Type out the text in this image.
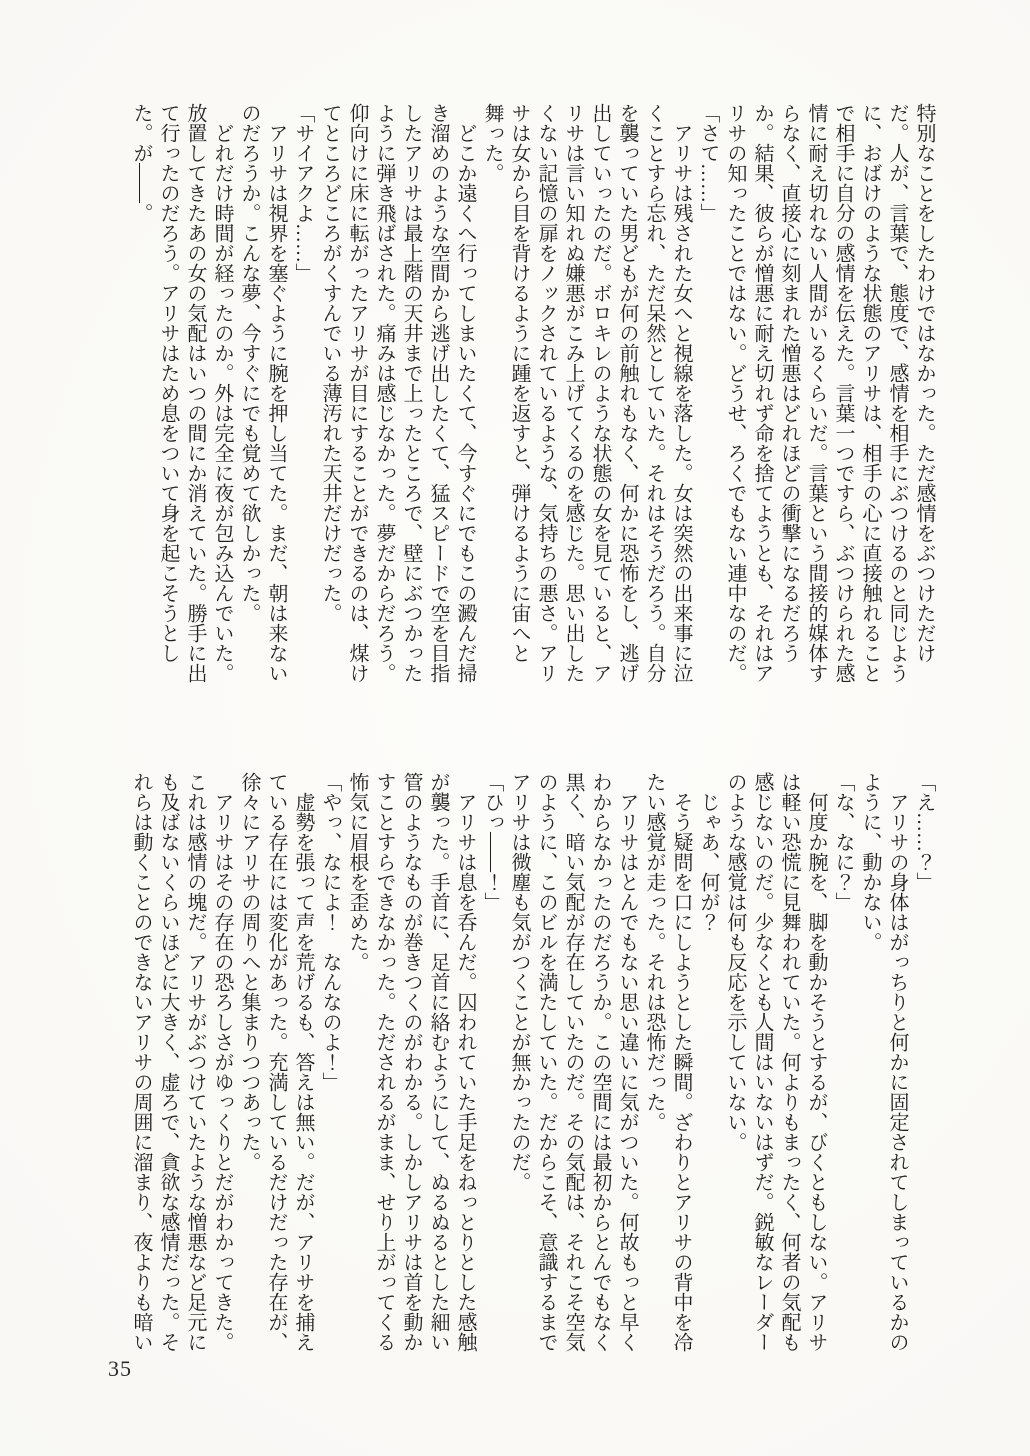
特別なことをしたわけではなかった。ただ感情をぶつけただけだ。人が、言葉で、態度で、感情を相手にぶつけるのと同じように、おばけのような状態のアリサは、相手の心に直接触れることで相手に自分の感情を伝えた。言葉一つですら、ぶつけられた感情に耐え切れない人間がいるくらいだ。言葉という間接的媒体すらなく、直接心に刻まれた憎悪はどれほどの衝撃になるだろうか。結果、彼らが憎悪に耐え切れず命を捨てようとも、それはアリサの知ったことではない。どうせ、ろくでもない連中なのだ。

「さて……」

　アリサは残された女へと視線を落した。女は突然の出来事に泣くことすら忘れ、ただ呆然としていた。それはそうだろう。自分を襲っていた男どもが何の前触れもなく、何かに恐怖をし、逃げ出していったのだ。ボロキレのような状態の女を見ていると、アリサは言い知れぬ嫌悪がこみ上げてくるのを感じた。思い出したくない記憶の扉をノックされているような、気持ちの悪さ。アリサは女から目を背けるように踵を返すと、弾けるように宙へと舞った。

　どこか遠くへ行ってしまいたくて、今すぐにでもこの澱んだ掃き溜めのような空間から逃げ出したくて、猛スピードで空を目指したアリサは最上階の天井まで上ったところで、壁にぶつかったように弾き飛ばされた。痛みは感じなかった。夢だからだろう。仰向けに床に転がったアリサが目にすることができるのは、煤けてところどころがくすんでいる薄汚れた天井だけだった。

「サイアクよ……」

　アリサは視界を塞ぐように腕を押し当てた。まだ、朝は来ないのだろうか。こんな夢、今すぐにでも覚めて欲しかった。

　どれだけ時間が経ったのか。外は完全に夜が包み込んでいた。放置してきたあの女の気配はいつの間にか消えていた。勝手に出て行ったのだろう。アリサはため息をついて身を起こそうとした。が――。

「え……？」

　アリサの身体はがっちりと何かに固定されてしまっているかのように、動かない。

「な、なに？」

　何度か腕を、脚を動かそうとするが、びくともしない。アリサは軽い恐慌に見舞われていた。何よりもまったく、何者の気配も感じないのだ。少なくとも人間はいないはずだ。鋭敏なレーダーのような感覚は何も反応を示していない。

　じゃあ、何が？

　そう疑問を口にしようとした瞬間。ざわりとアリサの背中を冷たい感覚が走った。それは恐怖だった。

　アリサはとんでもない思い違いに気がついた。何故もっと早くわからなかったのだろうか。この空間には最初からとんでもなく黒く、暗い気配が存在していたのだ。その気配は、それこそ空気のように、このビルを満たしていた。だからこそ、意識するまでアリサは微塵も気がつくことが無かったのだ。

「ひっ――！」

　アリサは息を呑んだ。囚われていた手足をねっとりとした感触が襲った。手首に、足首に絡むようにして、ぬるぬるとした細い管のようなものが巻きつくのがわかる。しかしアリサは首を動かすことすらできなかった。ただされるがまま、せり上がってくる怖気に眉根を歪めた。

「やっ、なによ！　なんなのよ！」

　虚勢を張って声を荒げるも、答えは無い。だが、アリサを捕えている存在には変化があった。充満しているだけだった存在が、徐々にアリサの周りへと集まりつつあった。

　アリサはその存在の恐ろしさがゆっくりとだがわかってきた。これは感情の塊だ。アリサがぶつけていたような憎悪など足元にも及ばないくらいほどに大きく、虚ろで、貪欲な感情だった。それらは動くことのできないアリサの周囲に溜まり、夜よりも暗い

35
